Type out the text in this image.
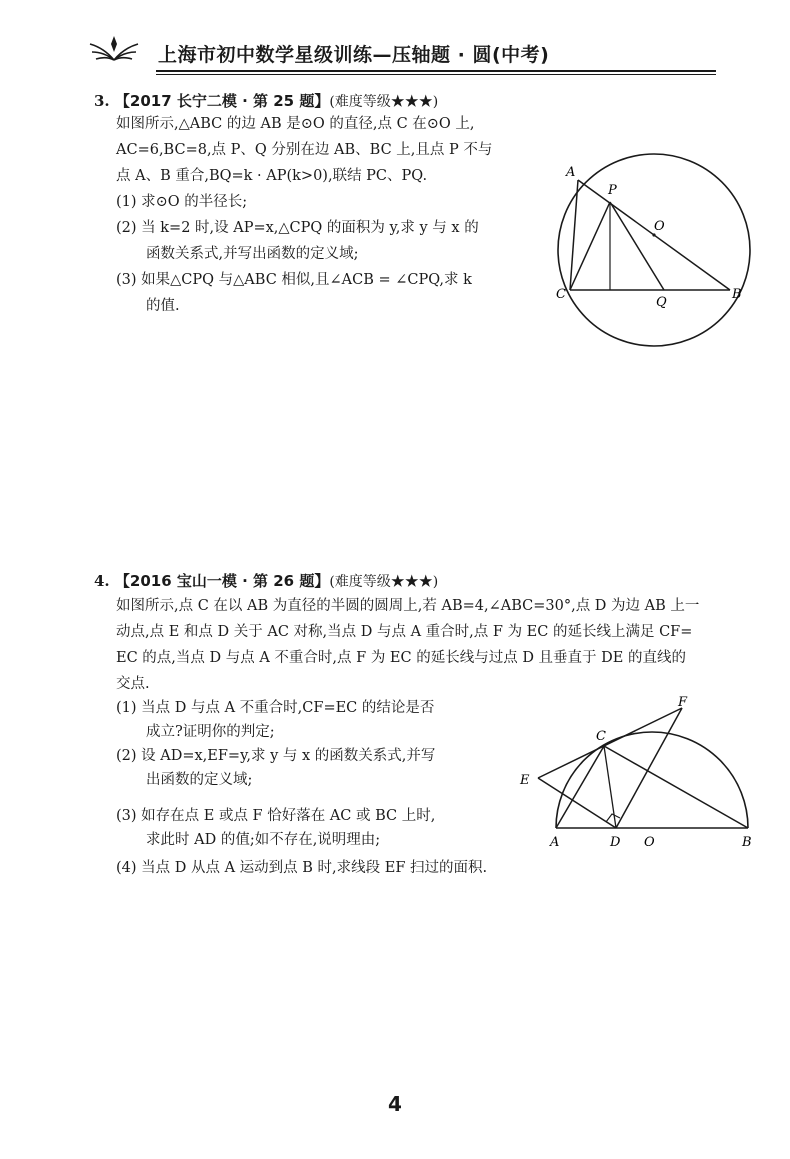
上海市初中数学星级训练—压轴题 · 圆(中考)
3. 【2017 长宁二模 · 第 25 题】(难度等级★★★)
如图所示,△ABC 的边 AB 是⊙O 的直径,点 C 在⊙O 上,
AC=6,BC=8,点 P、Q 分别在边 AB、BC 上,且点 P 不与
点 A、B 重合,BQ=k · AP(k>0),联结 PC、PQ.
(1) 求⊙O 的半径长;
(2) 当 k=2 时,设 AP=x,△CPQ 的面积为 y,求 y 与 x 的
函数关系式,并写出函数的定义域;
(3) 如果△CPQ 与△ABC 相似,且∠ACB = ∠CPQ,求 k
的值.
A
P
O
C
Q
B
4. 【2016 宝山一模 · 第 26 题】(难度等级★★★)
如图所示,点 C 在以 AB 为直径的半圆的圆周上,若 AB=4,∠ABC=30°,点 D 为边 AB 上一
动点,点 E 和点 D 关于 AC 对称,当点 D 与点 A 重合时,点 F 为 EC 的延长线上满足 CF=
EC 的点,当点 D 与点 A 不重合时,点 F 为 EC 的延长线与过点 D 且垂直于 DE 的直线的
交点.
(1) 当点 D 与点 A 不重合时,CF=EC 的结论是否
成立?证明你的判定;
(2) 设 AD=x,EF=y,求 y 与 x 的函数关系式,并写
出函数的定义域;
(3) 如存在点 E 或点 F 恰好落在 AC 或 BC 上时,
求此时 AD 的值;如不存在,说明理由;
(4) 当点 D 从点 A 运动到点 B 时,求线段 EF 扫过的面积.
F
C
E
A	D O	B
4
